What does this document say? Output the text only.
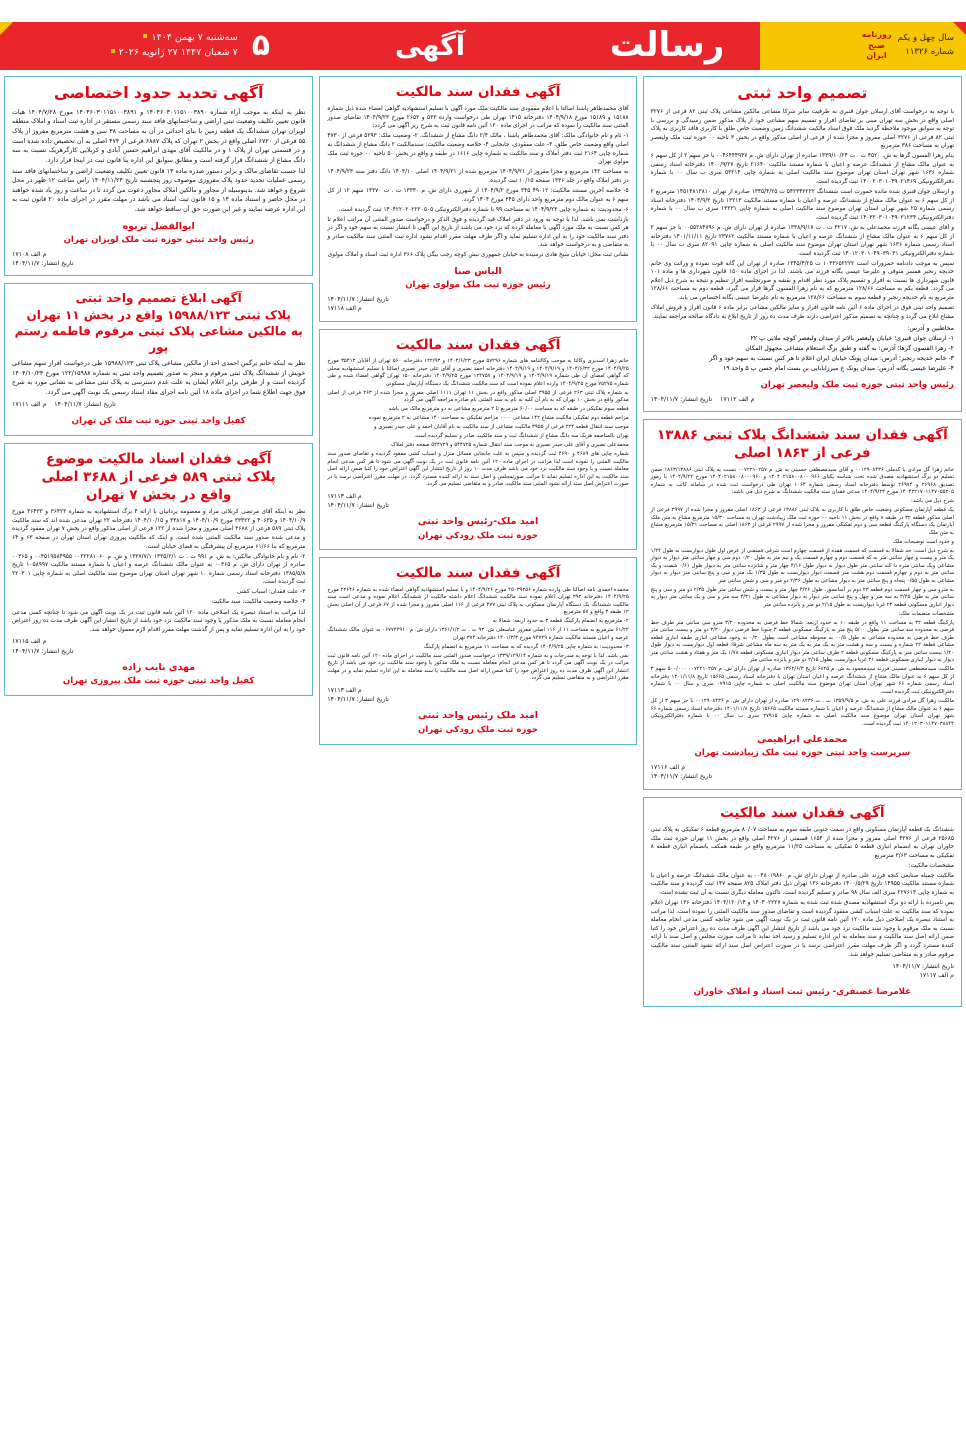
۵
سه‌شنبه ۷ بهمن ۱۴۰۴
۷ شعبان ۱۴۴۷ ۲۷ ژانویه ۲۰۲۶	آگهی	رسالت	سال چهل و یکم
شماره ۱۱۳۲۶
روزنامه
صبح
ایران
تصمیم واحد ثبتی

با توجه به درخواست آقای ارسلان جوان قنبری به طرفیت سایر شرکا مشاعی مالکین مشاعی پلاک ثبتی ۸۲ فرعی از ۳۲۷۶ اصلی واقع در بخش سه تهران مبنی بر تقاضای افراز و تقسیم سهم مشاعی خود از پلاک مذکور ضمن رسیدگی و بررسی با توجه به سوابق موجود ملاحظه گردید ملک فوق اسناد مالکیت ششدانگ زمین وضعیت خاص طلق با کاربری فاقد کاربری به پلاک ثبتی ۸۲ فرعی از ۳۲۷۶ اصلی مفروز و مجزا شده از فرعی از اصلی مذکور واقع در بخش ۳ ناحیه ۰۰ حوزه ثبت ملک ولیعصر تهران به مساحت ۳۸۶ مترمربع

بنام زهرا الفسون گرها به ش. ۴۵۲۰ ت . ت ۱۳۳۹/۱۰/۲۴ صادره از تهران دارای ش. م ۰۰۴۶۴۴۴۹۴۷ با جز سهم ۲ از کل سهم ۶ به عنوان مالک مشاع از ششدانگ عرصه و اعیان با شماره مستند مالکیت ۲۱۶۴۰ تاریخ ۱۴۰۰/۹/۲۷ دفترخانه اسناد رسمی شماره ۱۶۳۶ شهر تهران استان تهران موضوع سند مالکیت اصلی به شماره چاپی ۵۳۲۱۴ سری ب سال ۰۰ با شماره دفترالکترونیکی ۱۴۰۰۲۰۳۰۱۰۴۹۰۲۱۴۶۹ ثبت گردیده است.

و ارسلان جوان قنبری شده مانده حمورت است ششدانگ ۵۴۲۳۴۲۲۲۲ ت ۱۳۴۵/۴/۲۵ صادره از تهران ۱۴۵۱۴۸۱۳۸۱۰ مترمربع ۲ از کل سهم ۶ به عنوان مالک مشاع از ششدانگ عرصه و اعیان با شماره مستند مالکیت ۱۳۲۱۳ تاریخ ۱۴۰۳/۹/۳ دفترخانه اسناد رسمی شماره ۲۵ شهر تهران استان تهران موضوع سند مالکیت اصلی به شماره چاپی ۱۳۲۳۱ سری ب سال ۰۰ با شماره دفترالکترونیکی ۱۴۰۳۲۰۳۰۱۰۴۹۰۳۱۲۳۴ ثبت گردیده است.

و آقای عیسی یگانه فرزند محمدعلی به ش. ۳۲۱۷ ت . ت ۱۳۳۸/۹/۱۷ صادره از تهران دارای ش. م ۰۰۵۵۲۸۴۷۹۶ با جز سهم ۲ از کل سهم ۶ به عنوان مالک مشاع از ششدانگ عرصه و اعیان با شماره مستند مالکیت ۲۳۷۶۲ تاریخ ۱۴۰۱/۱۱/۱۱ دفترخانه اسناد رسمی شماره ۱۶۳۶ شهر تهران استان تهران موضوع سند مالکیت اصلی به شماره چاپی ۸۲۰۹۱ سری ب سال ۰۰ با شماره دفترالکترونیکی ۱۴۰۱۲۰۳۰۱۰۴۹۰۳۹۰۳۱ ثبت گردیده است.

سپس به موجب دادنامه حمرورات است ۱۰۳۳۶۵۲۲۲۲ ت ۱۳۴۵/۴/۲۵ صادره از تهران این گانه قوت نموده و وراثت وی خانم خدیجه رنجبر همسر متوفی و علیرضا عیسی یگانه فرزند می باشند. لذا در اجرای ماده ۱۵۰ قانون شهرداری ها و ماده ۱۰۱ قانون شهرداری ها نسبت به افراز و تقسیم پلاک مورد نظر اقدام و نقشه و صورتجلسه افراز تنظیم و نتیجه به شرح ذیل اعلام می گردد. قطعه یکم به مساحت ۱۲۸/۶۶ مترمربع که به نام زهرا الفسون گرها قرار می گیرد، قطعه دوم به مساحت ۱۲۸/۶۶ مترمربع به نام خدیجه رنجبر و قطعه سوم به مساحت ۱۲۸/۶۶ مترمربع به نام علیرضا عیسی یگانه اختصاص می یابد.

تصمیم واحد ثبتی فوق در اجرای ماده ۶ آئین نامه قانون افراز و سایر مالکین مشاعی برابر ماده ۶ قانون افراز و فروش املاک مشاع ابلاغ می گردد و چنانچه به تصمیم مذکور اعتراضی دارند ظرف مدت ده روز از تاریخ ابلاغ به دادگاه صالحه مراجعه نمایند.

مخاطبین و آدرس:
۱- ارسلان جوان قنبری؛ خیابان ولیعصر بالاتر از میدان ولیعصر کوچه ملایی پ ۲۲
۲- زهرا الفسون گرها؛ آدرس: به گفته و طبق برگ استعلام مشاعی مجهول المکان
۳- خانم خدیجه رنجبر؛ آدرس: میدان پونک خیابان ایران اعلام تا هر کس نسبت به سهم خود و اگر
۴- علیرضا عیسی یگانه آدرس: میدان پونک خ میرزابابایی بن بست امام حسن پ ۵ واحد ۱۹
رئیس واحد ثبتی حوزه ثبت ملک ولیعصر تهران
م الف ۱۷۱۱۲    تاریخ انتشار: ۱۴۰۴/۱۱/۷
آگهی فقدان سند ششدانگ پلاک ثبتی ۱۳۸۸۶ فرعی از ۱۸۶۳ اصلی

خانم زهرا گل مرادی با کدملی ۰۰۱۲۹۰۸۴۳۶ و آقای سیدمصطفی حسینی به ش. م ۰۰۷۲۲۱۰۲۵۷ نسبت به پلاک ثبتی ۱۸۶۳/۱۳۸۸۶ ضمن تسلیم دو برگ استشهادیه مصدق شده تحت شناسه یکتای ۱۴۰۴۰۲۱۵۸۰۰۸۰۰۰۹۶۶ و ۱۴۰۴۰۲۱۵۸۰۰۸۰۰۰۹۶۰ مورخ ۱۴۰۴/۹/۲۲ با رموز تصدیق ۲۶۹۶۸ و ۲۶۹۷۴ توسط دفترخانه اسناد رسمی شماره ۱۰۶۴ تهران طی درخواست ثبت شده در سامانه کاتب به شماره ۱۴۰۴۲۲۱۷۰۱۱۴۷۰۵۵۳۰۵ مورخ ۱۴۰۴/۹/۲۳ مدعی فقدان سند مالکیت ششدانگ به شرح ذیل می باشد:

شرح ذیل می باشد:

یک قطعه آپارتمان مسکونی وضعیت خاص طلق با کاربری به پلاک ثبتی ۱۳۸۸۶ فرعی از ۱۸۶۳ اصلی مفروز و مجزا شده از ۲۹۹۷ فرعی از اصلی مذکور قطعه ۳۲ در طبقه ۸ واقع در بخش ۱۱ ناحیه ۰۰ حوزه ثبت ملک زیبادشت تهران به مساحت ۱۵/۳۰ مترمربع مشاع به متن ملک آپارتمان یک دستگاه پارکینگ قطعه سی و دوم تفکیکی مفروز و مجزا شده از ۲۹۹۷ فرعی از ۱۸۶۳ اصلی به مساحت ۱۵/۳۱ مترمربع مشاع به متن ملک

و حدود است توضیحات ملک

به شرح ذیل است: حد شمالا به قسمت که قسمت هفده از قسمت چهارم است شرقی قسمتی از عرض اول طول دیواریست به طول ۱/۲۴ یک متر و بیست و چهار سانتی متر به که قسمت دوم و چهارم قسمت یک و نیم متر به طول ۰/۲۰ دوم سی و چهار سانتی متر دیوار به دیوار مشاعی ویک سانتی متره دا کند سانتی متر طول دیوار به دیوار طول ۴/۱۶ چهار متر و شانزده سانتی متر به دیوار طول ۰/۶۱ شصت و یک سانتی متر به دوم و چهارم قسمت دوم هشت متر قسمت دیوار دیواریست به طول ۱/۳۵ یک متر و سی و پنج سانتی متر دیوار به دیوار مشاعی به طول ۰/۵۵ پنجاه و پنج سانتی متر به دیوار مشاعی به طول ۲/۳۶ دو متر و سی و شش سانتی متر

به مترو سی و چهار قسمت دوم قطعه ۲۳ دوم بر آسانسور، طول ۴/۲۶ چهار متر و بیست و شش سانتی متر طول ۲/۳۵ دو متر و سی و پنج سانتی متر به طول ۳/۴۵ به سه متر و چهل و پنج سانتی متر دیوار به دیوار مشاعی به طول ۳/۳۱ سه متر و سی و یک سانتی متر دیوار به دیوار انباری مسکونی قطعه ۲۳ غربا دیواریست به طول ۲/۱۵ دو متر و پانزده سانتی متر

مشخصات منضمات ملک:

پارکینگ قطعه ۳۲ به مساحت ۱۱ واقع در طبقه ۱۰ به حدود اربعه: شمالا خط فرضی به محدوده ۳/۲۰ مترو سی سانتی متر طرف خط فرضی به محدوده سه سانتی متر بطول ۵/۰۰ پنج متر به پارکینگ مسکونی قطعه ۳ جنوبا خط فرضی دیوار ۳/۲۰ دو متر و بیست سانتی متر طرف خط فرضی به محدوده مشاعی به طول ۰۰/۵ به محوطه مشاعی است بطول ۰/۳۰ به وجود مشاعی انباری طبقه انباری قطعه مشاعی قطعه ۲۲ شماره و بیست و سه و هشت متر به یک متر به یک متر به سه ماه مشاعی شرقا: قطعه اول دیواریست به دیوار طول ۱/۲۰ بیست سانتی متر به پارکینگ مسکونی قطعه ۲ طرف سانتی متر دیوار انباری مسکونی قطعه ۱/۷۸ یک متر و هفتاد و هشت سانتی متر دیوار به دیوار انباری مسکونی قطعه ۳۱ غربا دیواریست بطول ۲/۱۵ دو متر و پانزده سانتی متر

مالکیت سیدمصطفی حسینی فرزند سیدمحمود به ش. م ۶۸۲۵ تاریخ ۱۳۶۲/۶/۳ صادره از تهران دارای ش. م ۰۰۷۲۲۱۰۲۵۷ ۵۰۰/۰۰۰ سهم ۳ از کل سهم ۶ به عنوان مالک مشاع از ششدانگ عرصه و اعیان استان تهران با دفترخانه اسناد رسمی ۱۵۶۶۵ تاریخ ۱۴۰۱/۱۱/۸ دفترخانه اسناد رسمی شماره ۶۶ شهر تهران استان تهران موضوع سند مالکیت اصلی به شماره چاپی ۰۷۹۱۵ سری و سال ۰۰ با شماره دفترالکترونیکی ثبت گردیده است.

مالکیت زهرا گل مرادی فرزند علی به ش. م ۱۳۵۹/۹/۵ ت . ت ۱۲۹۰۸۴۳۶ صادره از تهران دارای ش. م ۰۰۱۲۹۰۸۴۳۶ با جز سهم ۳ از کل سهم ۶ به عنوان مالک مشاع از ششدانگ عرصه و اعیان با شماره مستند مالکیت ۱۵۶۶۵ تاریخ ۱۴۰۱/۱۱/۸ دفترخانه اسناد رسمی شماره ۶۶ شهر تهران استان تهران موضوع سند مالکیت اصلی به شماره چاپی ۲۷۹۱۵ سری ب سال ۰۰ با شماره دفترالکترونیکی ۱۴۰۱۲۰۳۰۱۱۴۷۰۳۸۸۴۴ ثبت گردیده است.

محمدعلی ابراهیمی
سرپرست واحد ثبتی حوزه ثبت ملک زیبادشت تهران
م الف ۱۷۱۱۶
تاریخ انتشار: ۱۴۰۴/۱۱/۷
آگهی فقدان سند مالکیت

ششدانگ یک قطعه آپارتمان مسکونی واقع در سمت جنوبی طبقه سوم به مساحت ۸۰/۰۷ مترمربع قطعه ۶ تفکیکی به پلاک ثبتی ۲۵۶۸۵ فرعی از ۴۲۷۶ اصلی مفروز و مجزا شده از ۱۶۵۴ قسمتی از ۴۲۷۶ اصلی واقع در بخش ۱۱ تهران حوزه ثبت ملک خاوران تهران به انضمام انباری قطعه ۵ تفکیکی به مساحت ۱۱/۲۵ مترمربع واقع در طبقه همکف بانضمام انباری قطعه ۸ تفکیکی به مساحت ۳/۶۳ مترمربع

مشخصات مالکیت:

مالکیت جمیله صنایعی کنجه فرزند علی صادره از تهران دارای ش. م ۰۰۴۸۰۱۹۸۶۰ به عنوان مالک ششدانگ عرصه و اعیان با شماره مستند مالکیت ۱۴۹۵۵ تاریخ ۱۴۰۰/۵/۲۹ دفترخانه ۱۳۶ تهران ذیل دفتر املاک ۸۲۵ صفحه ۱۴۷ ثبت گردیده و سند مالکیت به شماره چاپی ۲۲۷۶۱۳ سری الف سال ۹۸ صادر و تسلیم گردیده است. تاکنون معامله دیگری نسبت به آن ثبت نشده است.

پس نامبرده با ارائه دو برگ استشهادیه مصدق شده ثبت شده به شماره ۱۴۰۴۰۲۲۲۷ و ۱۴۰۴/۱۲۰/۱۴ دفترخانه ۱۳۶ تهران اعلام نموده که سند مالکیت به علت اسباب کشی مفقود گردیده است و تقاضای صدور سند مالکیت المثنی را نموده است. لذا مراتب به استناد تبصره یک اصلاحی ذیل ماده ۱۲۰ آئین نامه قانون ثبت در یک نوبت آگهی می شود چنانچه کسی مدعی انجام معامله نسبت به ملک مرقوم یا وجود سند مالکیت نزد خود می باشد از تاریخ انتشار این آگهی ظرف مدت ده روز اعتراض خود را کتبا ضمن ارائه اصل سند مالکیت و سند معامله به این اداره تسلیم و رسید اخذ نماید تا مراتب صورت مجلس و اصل سند با ارائه کننده مسترد گردد و اگر ظرف مهلت مقرر اعتراضی نرسد یا در صورت اعتراض اصل سند ارائه نشود المثنی سند مالکیت مرقوم صادر و به متقاضی تسلیم خواهد شد.

تاریخ انتشار: ۱۴۰۴/۱۱/۷
م الف ۱۷۱۱۷
غلامرضا غضنفری- رئیس ثبت اسناد و املاک خاوران
آگهی فقدان سند مالکیت

آقای محمدطاهر پاشنا اصالتا با اعلام مفقودی سند مالکیت ملک مورد آگهی با تسلیم استشهادیه گواهی امضاء شده ذیل شماره ۱۵۱۸۸ و ۱۵۱۸۹ مورخ ۱۴۰۴/۹/۱۸ دفترخانه ۱۴۱۵ تهران طی درخواست وارده ۵۲۳ و ۲۶۵۲ مورخ ۱۴۰۴/۹/۲۳ تقاضای صدور المثنی سند مالکیت را نموده که مراتب در اجرای ماده ۱۲۰ آئین نامه قانون ثبت به شرح زیر آگهی می گردد:

۱- نام و نام خانوادگی مالک: آقای محمدطاهر پاشنا ، مالک ۲/۴ دانگ مشاع از ششدانگ، ۲- وضعیت ملک: ۵۲۹۳ فرعی از ۴۷۳۰ اصلی واقع وضعیت خاص طلق، ۳- علت مفقودی، جابجایی ۴- خلاصه وضعیت مالکیت: سندمالکیت ۲ دانگ مشاع از ششدانگ به شماره چاپی ۲۱۶۴ ثبت دفتر املاک و سند مالکیت به شماره چاپی ۱۶۱۶ در طبقه و واقع در بخش ۵۰ ناحیه ۰۰ حوزه ثبت ملک مولوی تهران

به مساحت ۱۴۲ مترمربع و مجزا مفروز از ۱۴۰۴/۹/۲۱ مترمربع شده از ۱۴۰۴/۹/۲۱ اصلی ۱۴۰۴/۱۰ دانگ دفتر سند ۱۴۰۴/۹/۲۳ در دفتر املاک واقع در جلد ۱۳۳۶ صفحه ۱۰/۱۵ ثبت گردیده.

۵- خلاصه آخرین مستند مالکیت: ۴۹۰۱۲ ۳۴۵ مورخ ۱۴۰۴/۹/۲ از شهرری دارای ش. م ۱۳۳۴۰ ت . ت ۱۳۳۷۰ سهم ۱۲ از کل سهم ۶ به عنوان مالک دوم مترمربع واحد دارای ۳۴۵ مورخ ۱۴۰۴ گردد.

۶- محدودیت: به شماره چاپی ۱۴۰۴/۹/۲۳ به مساحت ۹۹ با شماره دفترالکترونیکی ۱۴۰۴۲۲۰۲۰۲۲۲۰۵۰۵ ثبت گردیده است.

بازداشت نمی باشد. لذا با توجه به ورود در دفتر املاک قید گردیده و فوق الذکر و درخواست صدور المثنی آن مراتب اعلام تا هر کس نسبت به ملک مورد آگهی یا معامله کرده که نزد خود می باشد از تاریخ این آگهی تا انتشار نسبت به سهم خود و اگر در دفتر سند مالکیت خود را به این اداره تسلیم نماید و اگر ظرف مهلت مقرر اقدام نشود اداره ثبت المثنی سند مالکیت صادر و به متقاضی و به درخواست خواهد شد.

نشانی ثبت محل: خیابان شیخ هادی نرسیده به خیابان جمهوری نبش کوچه رجب بیگی پلاک ۳۶۶ اداره ثبت اسناد و املاک مولوی

الیاس صبا
رئیس حوزه ثبت ملک مولوی تهران
تاریخ انتشار: ۱۴۰۴/۱۱/۷
م الف ۱۷۱۱۸
آگهی فقدان سند مالکیت

خانم زهرا اسدیری وکالتا به موجب وکالتنامه های شماره ۵۷۲۹۶ مورخ ۱۴۰۴/۶/۲۳ و ۱۲۲/۹۳ دفترخانه ۵۶۰ تهران از آقایان ۳۵۴۱۳ مورخ ۱۴۰۴/۹/۲۵ مورخ ۱۴۰۴/۶/۳۲ و ۱۴۰۴/۹/۱۹ و ۱۴۰۴/۹/۱۹ دفترخانه احمد نصیری و آقای علی حیدر نصیری اصالتا با تسلیم استشهادیه محلی که گواهی امضای آن طی شماره ۱۴۰۴/۹/۱۹ و ۱۴۰۴/۹/۱۹ و ۱۲۴۷۵۷ مورخ ۱۴۰۴/۹/۲۵ دفترخانه ۱۵۰ تهران گواهی امضاء شده و طی شماره ۷۵۲۷۵ مورخ ۱۴۰۴/۹/۲۵ وارده اعلام نموده است که سند مالکیت ششدانگ یک دستگاه آپارتمان مسکونی

به شماره پلاک ثبتی ۲۶۳ فرعی از ۳۹۵۵ اصلی مذکور واقع در بخش ۱۱ تهران ۱۱۱۱ اصلی مفروز و مجزا شده از ۲۶۳ فرعی از اصلی مذکور واقع در بخش ۱۰ تهران که به نام آن کلیه به نام به سند المثنی نام صادره مراجعه آگهی می گردد

قطعه سوم تفکیکی در طبقه که به مساحت ۶۰/۰۰ مترمربع تا ۲ مترمربع مشاعی به دو مترمربع مالک می باشد

مزاحم قطعه دوم تفکیکی مالکیت مشاع ۱۴۲ مشاعی ۰۰۰۰ مزاحم تفکیکی به مساحت ۱۴۰ مشاعی به ۲ مترمربع نموده

موجب سند انتقال قطعه ۲۲۴ فرعی از ۳۹۵۵ مالکیت مشاعی از سند مالکیت به نام آقایان احمد و علی حیدر نصیری و

تهران بالمناصفه هریک سه دانگ مشاع از ششدانگ ثبت و سند مالکیت صادر و تسلیم گردیده است.

محمدعلی نصیری و آقای علی حیدر نصیری به موجب سند انتقال شماره ۵۴۴۷۲۵ و ۵۴۴۷۲۹ صفحه دفتر املاک

شماره چاپی های ۴۶۸۹ و ۴۶۹۰ ثبت گردیده و سپس به علت جابجایی مسائل منزل و اسباب کشی مفقود گردیده و تقاضای صدور سند مالکیت المثنی را نموده است لذا مراتب در اجرای ماده ۱۲۰ آئین نامه قانون ثبت در یک نوبت آگهی می شود تا هر کس مدعی انجام معامله نسبت و یا وجود سند مالکیت نزد خود می باشد ظرف مدت ۱۰ روز از تاریخ انتشار این آگهی اعتراض خود را کتبا ضمن ارائه اصل سند مالکیت به این اداره تسلیم نماید تا مراتب صورتمجلس و اصل سند به ارائه کننده مسترد گردد. در مهلت مقرر اعتراضی نرسد یا در صورت اعتراض اصل سند ارائه نشود المثنی سند مالکیت صادر و به متقاضی تسلیم می گردد.

م الف ۱۷۱۱۳
تاریخ انتشار: ۱۴۰۴/۱۱/۷
امید ملک-رئیس واحد ثبتی
حوزه ثبت ملک رودکی تهران
آگهی فقدان سند مالکیت

محمده احمدی نامه اصالتا طی وارده شماره ۴۵۰۳۹۲۵۶ مورخ ۱۴۰۴/۹/۲۶ و با تسلیم استشهادیه گواهی امضاء شده به شماره ۲۲۶۴۶ مورخ ۱۴۰۴/۹/۲۵ دفترخانه ۳۹۲ تهران اعلام نموده سند مالکیت ششدانگ اعلام داشته مالکیت از ششدانگ اعلام نموده و مدعی است سند مالکیت ششدانگ یک دستگاه آپارتمان مسکونی به پلاک ثبتی ۴۷۷ فرعی از ۱۱۶ اصلی مفروز و مجزا شده از ۶۷ فرعی از آن اصلی بخش ۱۲ طبقه ۳ واقع و ۵۷ مترمربع

۲- مترمربع به انضمام پارکینگ قطعه ۳ به حدود اربعه: شمالا به

۶۱/۲۲ مترمربع به مساحت ۱۱ از ۱۱۶ اصلی مفروز عباسعلی ش. ۹۳ ت . ت ۱۳۶۱/۱/۲ دارای ش. م ۰۶۷۷۴۴۹۱۰ به عنوان مالک ششدانگ عرصه و اعیان مستند مالکیت شماره ۷۴۷۲۹ مورخ ۱۴۰۱/۳/۳ دفترخانه ۳۷۴ تهران

۳- محدودیت: به شماره چاپی ۱۴۰۴/۹/۲۵ گردیده که به مساحت ۱۱ مترمربع به انضمام پارکینگ

نمی باشد. لذا با توجه به مندرجات و به شماره ۱۳۳۹/۱۲۹/۱۴ درخواست صدور المثنی سند مالکیت در اجرای ماده ۱۲۰ آئین نامه قانون ثبت مراتب در یک نوبت آگهی می گردد تا هر کس مدعی انجام معامله نسبت به ملک مذکور یا وجود سند مالکیت نزد خود می باشد از تاریخ انتشار این آگهی ظرف مدت ده روز اعتراض خود را کتبا ضمن ارائه اصل سند مالکیت یا سند معامله به این اداره تسلیم نماید و در مهلت مقرر اعتراضی و به متقاضی تسلیم می گردد.

م الف ۱۷۱۱۳
تاریخ انتشار: ۱۴۰۴/۱۱/۷
امید ملک رئیس واحد ثبتی
حوزه ثبت ملک رودکی تهران
آگهی تحدید حدود اختصاصی

نظر به اینکه به موجب آراء شماره ۱۴۰۴۶۰۳۰۱۱۵۱۰۰۳۸۹۰ و ۱۴۰۴۶۰۳۰۱۱۵۱۰۰۳۸۹۱ مورخ ۱۴۰۴/۷/۲۸ هیات قانون تعیین تکلیف وضعیت ثبتی اراضی و ساختمانهای فاقد سند رسمی مستقر در اداره ثبت اسناد و املاک منطقه لویزان تهران ششدانگ یک قطعه زمین با بنای احداثی در آن به مساحت ۳۸ سی و هشت مترمربع مفروز از پلاک ۵۵ فرعی از ۶۷۲۰ اصلی واقع در بخش ۲ تهران که پلاک ۶۸۸۷ فرعی از ۴۷۴ اصلی به آن تخصیص داده شده است و در قسمتی تهران از پلاک ۱ و در مالکیت آقای مهدی ابراهیم حسین آبادی و کربلایی کارگرهریک نسبت به سه دانگ مشاع از ششدانگ قرار گرفته است و مطابق سوابق این اداره بنا قانون ثبت در اینجا قرار دارد.

لذا حسب تقاضای مالک و برابر دستور صدره ماده ۱۳ قانون تعیین تکلیف وضعیت اراضی و ساختمانهای فاقد سند رسمی عملیات تحدید حدود پلاک مفروزی موصوف روز پنجشنبه تاریخ ۱۴۰۴/۱۱/۲۴ راس ساعت ۱۲ ظهر در محل شروع و خواهد شد. بدینوسیله از مجاور و مالکین املاک مجاور دعوت می گردد تا در ساعت و روز یاد شده خواهند در محل حاضر و استناد ماده ۱۴ و ۱۵ قانون ثبت اسناد می باشد در مهلت مقرر در اجرای ماده ۲۰ قانون ثبت به این اداره عرضه نمایند و غیر این صورت حق آن ساقط خواهد شد.

ابوالفضل تربوه
رئیس واحد ثبتی حوزه ثبت ملک لویزان تهران
م الف ۱۷۱۰۸
تاریخ انتشار: ۱۴۰۴/۱۱/۷
آگهی ابلاغ تصمیم واحد ثبتی
پلاک ثبتی ۱۵۹۸۸/۱۲۳ واقع در بخش ۱۱ تهران
به مالکین مشاعی پلاک ثبتی مرقوم فاطمه رستم پور

نظر به اینکه خانم نرگس احمدی احد از مالکین مشاعی پلاک ثبتی ۱۵۹۸۸/۱۲۳ طی درخواست افراز سهم مشاعی خویش از ششدانگ پلاک ثبتی مرقوم و منجر به صدور تصمیم واحد ثبتی به شماره ۱۲۲/۱۵۹۸۸ مورخ ۱۴۰۴/۱۰/۲۴ گردیده است و از طرفی برابر اعلام ایشان به علت عدم دسترسی به پلاک ثبتی مشاعی به نشانی مورد به شرح فوق جهت اطلاع شما در اجرای ماده ۱۸ آئین نامه اجرای مفاد اسناد رسمی یک نوبت آگهی می گردد.

تاریخ انتشار: ۱۴۰۴/۱۱/۷    م الف ۱۷۱۱۱
کفیل واحد ثبتی حوزه ثبت ملک کن تهران
آگهی فقدان اسناد مالکیت موضوع
پلاک ثبتی ۵۸۹ فرعی از ۳۶۸۸ اصلی
واقع در بخش ۷ تهران

نظر به اینکه آقای مرتضی کربلائی مراد و معصومه یزدانیان با ارائه ۴ برگ استشهادیه به شماره ۳۶۴۲۳ و ۳۶۴۳۳ مورخ ۱۴۰۴/۱۰/۹ و ۴۰۶۳۵ و ۳۳۳۲۲ مورخ ۱۴۰۴/۱۰/۹ و ۳۳۸۱۷ و ۱۴۰۴/۱۰/۱۵ دفترخانه ۲۲ تهران مدعی شده اند که سند مالکیت پلاک ثبتی ۵۸۹ فرعی از ۳۶۸۸ اصلی مفروز و مجزا شده از ۱۲۲ فرعی از اصلی مذکور واقع در بخش ۷ تهران مفقود گردیده و مدعی شده صدور سند مالکیت المثنی شده است. و اینک که مالکیت پیروزی تهران استان تهران در صفحه ۶۳ و ۶۴ مترمربع که بنا ۶۱/۶۶ مترمربع آن پیشرفتگی به فضای خیابان است.

۲- نام و نام خانوادگی مالکین: به ش. م ۹۹۱ ت . ت ۱۳۳۵/۲/۱ ۱۳۲۷/۷/۱ و ش. م ۰۰۳۲۲۸۱۰۶۰ ۰۰۴۵۱۹۵۸۴۹۵۵ و ۰۰۳۶۵ صادره از تهران دارای ش. م ۰۰۳۶۵ به عنوان مالک ششدانگ عرصه و اعیان با شماره مستند مالکیت ۱۰۵۸۹۹۷ تاریخ ۱۳۸۵/۵/۸ دفترخانه اسناد رسمی شماره ۱۰ شهر تهران استان تهران موضوع سند مالکیت اصلی به شماره چاپی ۲۲۰۳۰۱ ثبت گردیده است.

۳- علت فقدان: اسباب کشی

۴- خلاصه وضعیت مالکیت: سند مالکیت

لذا مراتب به استناد تبصره یک اصلاحی ماده ۱۲۰ آئین نامه قانون ثبت در یک نوبت آگهی می شود تا چنانچه کسی مدعی انجام معامله نسبت به ملک مذکور یا وجود سند مالکیت نزد خود باشد از تاریخ انتشار این آگهی ظرف مدت ده روز اعتراض خود را به این اداره تسلیم نماید و پس از گذشت مهلت مقرر اقدام لازم معمول خواهد شد.

م الف ۱۷۱۱۵
تاریخ انتشار: ۱۴۰۴/۱۱/۷
مهدی نایب زاده
کفیل واحد ثبتی حوزه ثبت ملک پیروزی تهران
